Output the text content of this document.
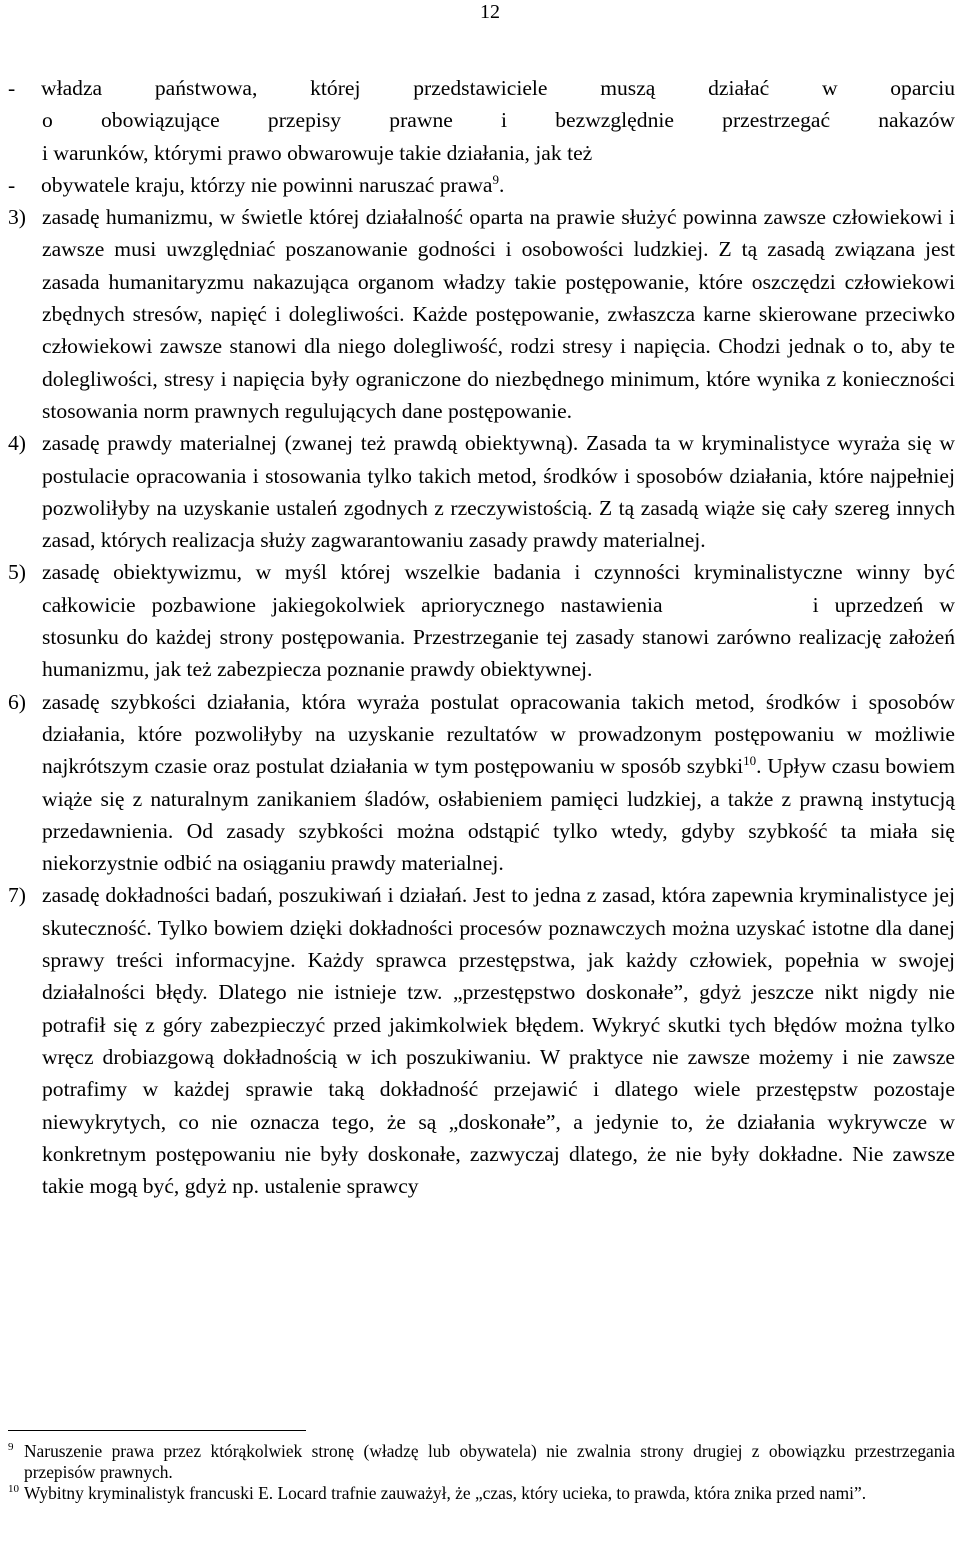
12
- władza państwowa, której przedstawiciele muszą działać w oparciu
o obowiązujące przepisy prawne i bezwzględnie przestrzegać nakazów
i warunków, którymi prawo obwarowuje takie działania, jak też
- obywatele kraju, którzy nie powinni naruszać prawa$^9$.
3) zasadę humanizmu, w świetle której działalność oparta na prawie służyć powinna zawsze człowiekowi i zawsze musi uwzględniać poszanowanie godności i osobowości ludzkiej. Z tą zasadą związana jest zasada humanitaryzmu nakazująca organom władzy takie postępowanie, które oszczędzi człowiekowi zbędnych stresów, napięć i dolegliwości. Każde postępowanie, zwłaszcza karne skierowane przeciwko człowiekowi zawsze stanowi dla niego dolegliwość, rodzi stresy i napięcia. Chodzi jednak o to, aby te dolegliwości, stresy i napięcia były ograniczone do niezbędnego minimum, które wynika z konieczności stosowania norm prawnych regulujących dane postępowanie.
4) zasadę prawdy materialnej (zwanej też prawdą obiektywną). Zasada ta w kryminalistyce wyraża się w postulacie opracowania i stosowania tylko takich metod, środków i sposobów działania, które najpełniej pozwoliłyby na uzyskanie ustaleń zgodnych z rzeczywistością. Z tą zasadą wiąże się cały szereg innych zasad, których realizacja służy zagwarantowaniu zasady prawdy materialnej.
5) zasadę obiektywizmu, w myśl której wszelkie badania i czynności kryminalistyczne winny być całkowicie pozbawione jakiegokolwiek apriorycznego nastawienia	i uprzedzeń w stosunku do każdej strony postępowania. Przestrzeganie tej zasady stanowi zarówno realizację założeń humanizmu, jak też zabezpiecza poznanie prawdy obiektywnej.
6) zasadę szybkości działania, która wyraża postulat opracowania takich metod, środków i sposobów działania, które pozwoliłyby na uzyskanie rezultatów w prowadzonym postępowaniu w możliwie najkrótszym czasie oraz postulat działania w tym postępowaniu w sposób szybki$^{10}$. Upływ czasu bowiem wiąże się z naturalnym zanikaniem śladów, osłabieniem pamięci ludzkiej, a także z prawną instytucją przedawnienia. Od zasady szybkości można odstąpić tylko wtedy, gdyby szybkość ta miała się niekorzystnie odbić na osiąganiu prawdy materialnej.
7) zasadę dokładności badań, poszukiwań i działań. Jest to jedna z zasad, która zapewnia kryminalistyce jej skuteczność. Tylko bowiem dzięki dokładności procesów poznawczych można uzyskać istotne dla danej sprawy treści informacyjne. Każdy sprawca przestępstwa, jak każdy człowiek, popełnia w swojej działalności błędy. Dlatego nie istnieje tzw. „przestępstwo doskonałe”, gdyż jeszcze nikt nigdy nie potrafił się z góry zabezpieczyć przed jakimkolwiek błędem. Wykryć skutki tych błędów można tylko wręcz drobiazgową dokładnością w ich poszukiwaniu. W praktyce nie zawsze możemy i nie zawsze potrafimy w każdej sprawie taką dokładność przejawić i dlatego wiele przestępstw pozostaje niewykrytych, co nie oznacza tego, że są „doskonałe”, a jedynie to, że działania wykrywcze w konkretnym postępowaniu nie były doskonałe, zazwyczaj dlatego, że nie były dokładne. Nie zawsze takie mogą być, gdyż np. ustalenie sprawcy
$^9$ Naruszenie prawa przez którąkolwiek stronę (władzę lub obywatela) nie zwalnia strony drugiej z obowiązku przestrzegania przepisów prawnych.
$^{10}$ Wybitny kryminalistyk francuski E. Locard trafnie zauważył, że „czas, który ucieka, to prawda, która znika przed nami”.
